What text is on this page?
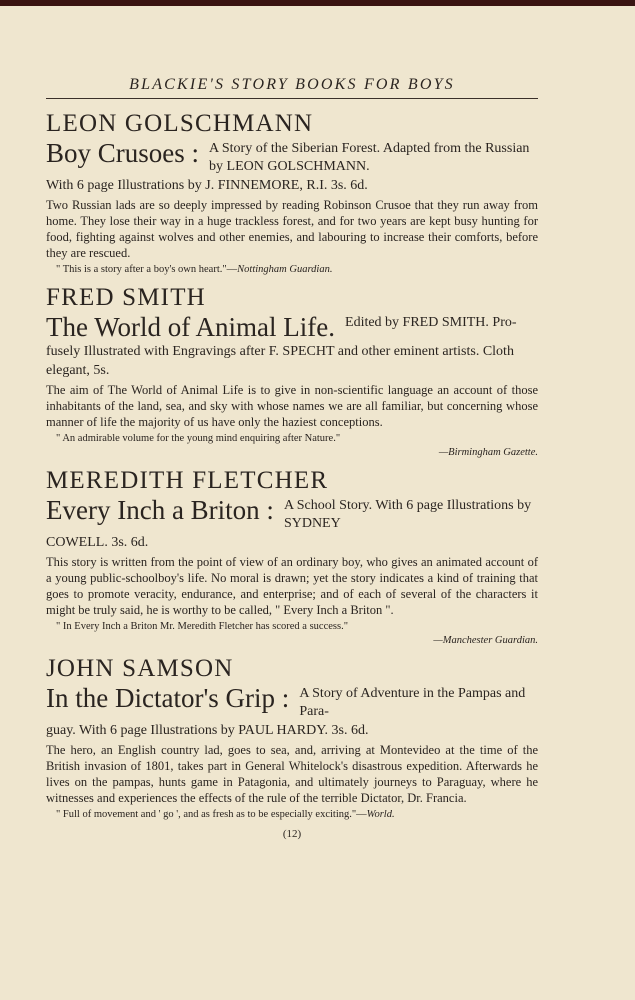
BLACKIE'S STORY BOOKS FOR BOYS
LEON GOLSCHMANN
Boy Crusoes : A Story of the Siberian Forest. Adapted from the Russian by LEON GOLSCHMANN.
With 6 page Illustrations by J. FINNEMORE, R.I. 3s. 6d.
Two Russian lads are so deeply impressed by reading Robinson Crusoe that they run away from home. They lose their way in a huge trackless forest, and for two years are kept busy hunting for food, fighting against wolves and other enemies, and labouring to increase their comforts, before they are rescued.
" This is a story after a boy's own heart."—Nottingham Guardian.
FRED SMITH
The World of Animal Life. Edited by FRED SMITH. Pro-
fusely Illustrated with Engravings after F. SPECHT and other eminent artists. Cloth elegant, 5s.
The aim of The World of Animal Life is to give in non-scientific language an account of those inhabitants of the land, sea, and sky with whose names we are all familiar, but concerning whose manner of life the majority of us have only the haziest conceptions.
" An admirable volume for the young mind enquiring after Nature."
—Birmingham Gazette.
MEREDITH FLETCHER
Every Inch a Briton : A School Story. With 6 page Illustrations by SYDNEY
COWELL. 3s. 6d.
This story is written from the point of view of an ordinary boy, who gives an animated account of a young public-schoolboy's life. No moral is drawn; yet the story indicates a kind of training that goes to promote veracity, endurance, and enterprise; and of each of several of the characters it might be truly said, he is worthy to be called, " Every Inch a Briton ".
" In Every Inch a Briton Mr. Meredith Fletcher has scored a success."
—Manchester Guardian.
JOHN SAMSON
In the Dictator's Grip : A Story of Adventure in the Pampas and Para-
guay. With 6 page Illustrations by PAUL HARDY. 3s. 6d.
The hero, an English country lad, goes to sea, and, arriving at Montevideo at the time of the British invasion of 1801, takes part in General Whitelock's disastrous expedition. Afterwards he lives on the pampas, hunts game in Patagonia, and ultimately journeys to Paraguay, where he witnesses and experiences the effects of the rule of the terrible Dictator, Dr. Francia.
" Full of movement and ' go ', and as fresh as to be especially exciting."—World.
(12)
